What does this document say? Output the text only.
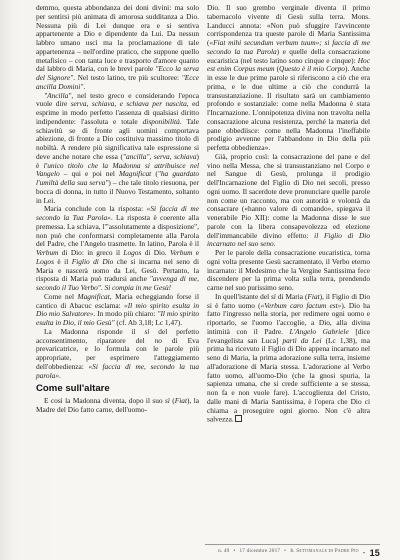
demmo, questa abbondanza dei doni divini: ma solo per sentirsi più animata di amorosa sudditanza a Dio. Nessuna più di Lei dunque era e si sentiva appartenente a Dio e dipendente da Lui. Da nessun labbro umano uscì ma la proclamazione di tale appartenenza – nell'ordine pratico, che suppone quello metafisico – con tanta luce e trasporto d'amore quanto dal labbro di Maria, con le brevi parole "Ecco la serva del Signore". Nel testo latino, tre più scultoree: "Ecce ancilla Domini".

"Ancilla", nel testo greco e considerando l'epoca vuole dire serva, schiava, e schiava per nascita, ed esprime in modo perfetto l'assenza di qualsiasi diritto indipendente: l'assoluta e totale disponibilità. Tale schiavitù se di fronte agli uomini comportava abiezione, di fronte a Dio costituiva massimo titolo di nobiltà. A rendere più significativa tale espressione si deve anche notare che essa ("ancilla", serva, schiava) è l'unico titolo che la Madonna si attribuisce nel Vangelo – qui e poi nel Magnificat ("ha guardato l'umiltà della sua serva") – che tale titolo riesuona, per bocca di donna, in tutto il Nuovo Testamento, soltanto in Lei.

Maria conclude con la risposta: «Si faccia di me secondo la Tua Parola». La risposta è coerente alla premessa. La schiava, l'"assolutamente a disposizione", non può che conformarsi completamente alla Parola del Padre, che l'Angelo trasmette. In latino, Parola è il Verbum di Dio: in greco il Logos di Dio. Verbum e Logos è il Figlio di Dio che si incarna nel seno di Maria e nascerà uomo da Lei, Gesù. Pertanto, la risposta di Maria può tradursi anche "avvenga di me, secondo il Tuo Verbo". Si compia in me Gesù!

Come nel Magnificat, Maria echeggiando forse il cantico di Abacuc esclama: «Il mio spirito esulta in Dio mio Salvatore». In modo più chiaro: "Il mio spirito esulta in Dio, il mio Gesù" (cf. Ab 3,18; Lc 1,47).

La Madonna risponde il sì del perfetto acconsentimento, riparatore del no di Eva prevaricatrice, e lo formula con le parole più appropriate, per esprimere l'atteggiamento dell'obbedienza: «Si faccia di me, secondo la tua parola».

Come sull'altare

E così la Madonna diventa, dopo il suo sì (Fiat), la Madre del Dio fatto carne, dell'uomo-

Dio. Il suo grembo verginale diventa il primo tabernacolo vivente di Gesù sulla terra. Mons. Landucci annota: «Non può sfuggire l'avvincente corrispondenza tra queste parole di Maria Santissima («Fiat mihi secundum verbum tuum»; si faccia di me secondo la tua Parola) e quelle della consacrazione eucaristica (nel testo latino sono cinque e cinque): Hoc est enim Corpus meum (Questo è il mio Corpo). Anche in esse le due prime parole si riferiscono a ciò che era prima, e le due ultime a ciò che condurrà la transustanziazione. Il risultato sarà un cambiamento profondo e sostanziale: come nella Madonna è stata l'Incarnazione. L'onnipotenza divina non travolta nella consacrazione alcuna resistenza, perché la materia del pane obbediisce: come nella Madonna l'ineffabile prodigio avvenne per l'abbandono in Dio della più perfetta obbedienza».

Già, proprio così: la consacrazione del pane e del vino nella Messa, che si transustanziano nel Corpo e nel Sangue di Gesù, prolunga il prodigio dell'Incarnazione del Figlio di Dio nei secoli, presso ogni uomo. Il sacerdote deve pronunciare quelle parole non come un racconto, ma con autorità e volontà da consacrare («hanno valore di comando», spiegava il venerabile Pio XII): come la Madonna disse le sue parole con la libera consapevolezza ed elezione dell'immancabile divino effetto: il Figlio di Dio incarnato nel suo seno.

Per le parole della consacrazione eucaristica, torna ogni volta presente Gesù sacramentato, il Verbo eterno incarnato: il Medesimo che la Vergine Santissima fece discendere per la prima volta sulla terra, prendendo carne nel suo purissimo seno.

In quell'istante del sì di Maria (Fiat), il Figlio di Dio si è fatto uomo («Verbum caro factum est»). Dio ha fatto l'ingresso nella storia, per redimere ogni uomo e riportarlo, se l'uomo l'accoglie, a Dio, alla divina intimità con il Padre. L'Angelo Gabriele [dice l'evangelista san Luca] partì da Lei (Lc 1,38), ma prima ha ricevuto il Figlio di Dio appena incarnato nel seno di Maria, la prima adorazione sulla terra, insieme all'adorazione di Maria stessa. L'adorazione al Verbo fatto uomo, all'uomo-Dio (che la gnosi spuria, la sapienza umana, che si crede sufficiente a se stessa, non fa e non vuole fare). L'accoglienza del Cristo, dalle mani di Maria Santissima, è l'opera che Dio ci chiama a proseguire ogni giorno. Non c'è altra salvezza.

n. 49 • 17 dicembre 2017 • Il Settimanale di Padre Pio - 15
